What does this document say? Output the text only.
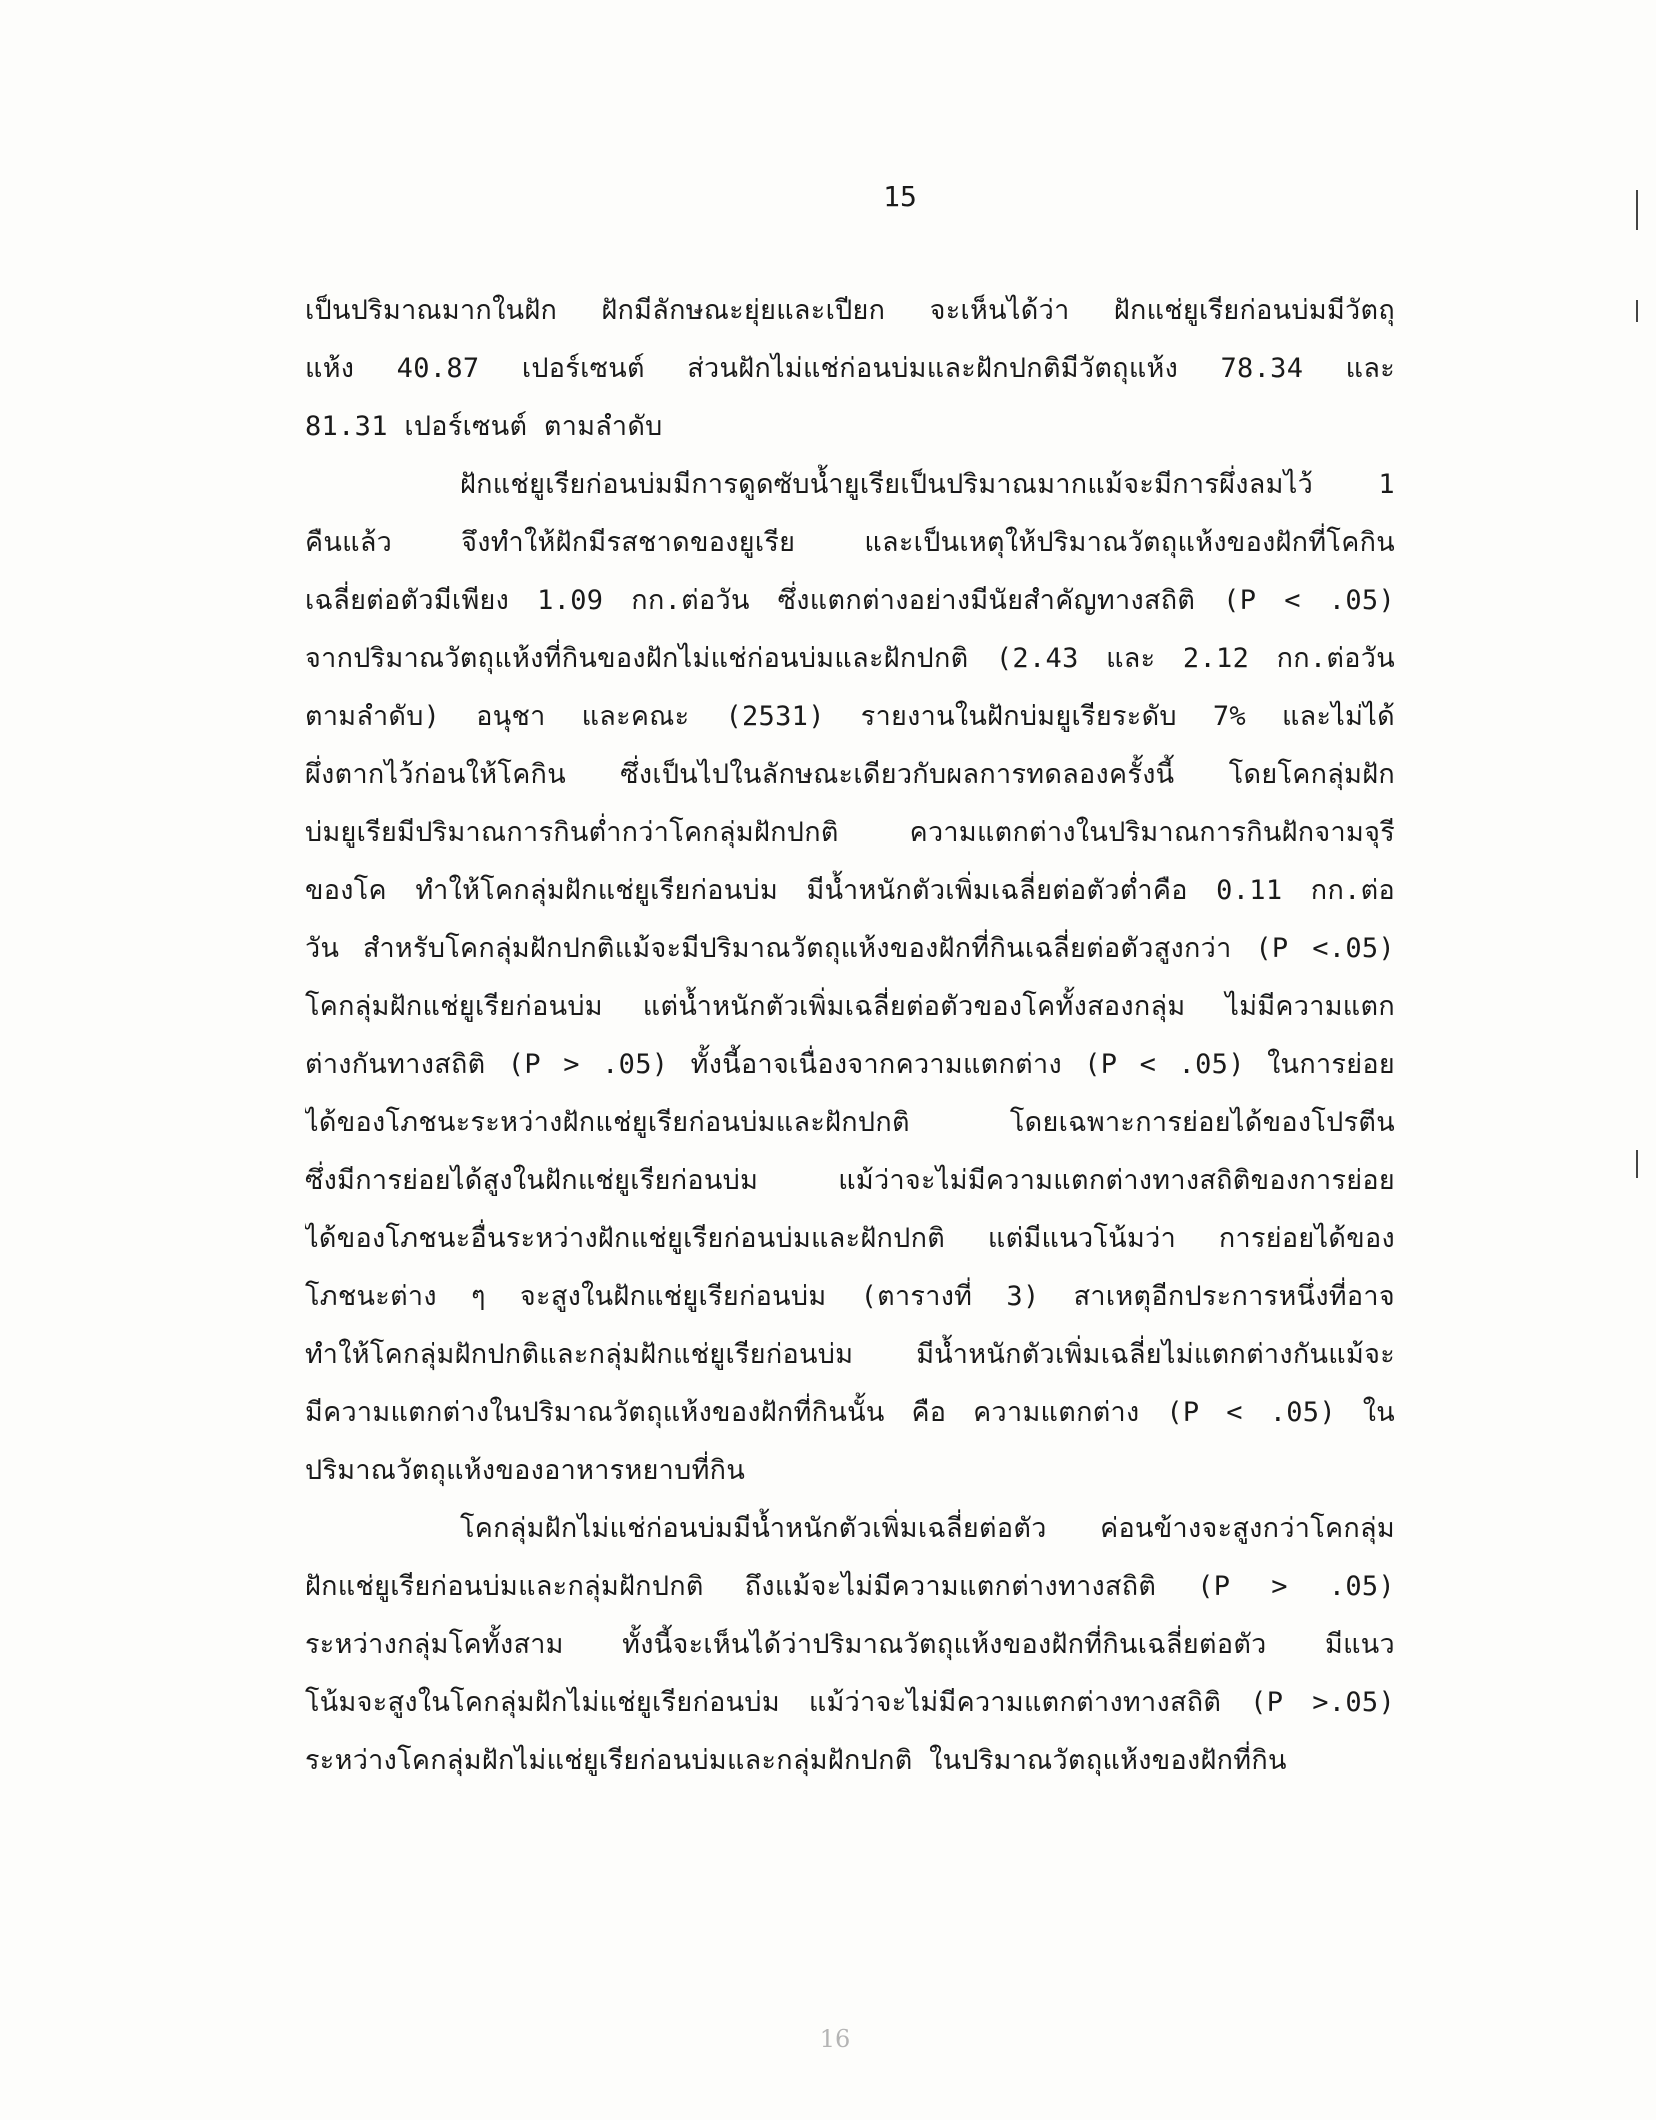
15
เป็นปริมาณมากในฝัก ฝักมีลักษณะยุ่ยและเปียก จะเห็นได้ว่า ฝักแช่ยูเรียก่อนบ่มมีวัตถุ
แห้ง 40.87 เปอร์เซนต์ ส่วนฝักไม่แช่ก่อนบ่มและฝักปกติมีวัตถุแห้ง 78.34 และ
81.31 เปอร์เซนต์ ตามลำดับ
ฝักแช่ยูเรียก่อนบ่มมีการดูดซับน้ำยูเรียเป็นปริมาณมากแม้จะมีการผึ่งลมไว้ 1
คืนแล้ว จึงทำให้ฝักมีรสชาดของยูเรีย และเป็นเหตุให้ปริมาณวัตถุแห้งของฝักที่โคกิน
เฉลี่ยต่อตัวมีเพียง 1.09 กก.ต่อวัน ซึ่งแตกต่างอย่างมีนัยสำคัญทางสถิติ (P < .05)
จากปริมาณวัตถุแห้งที่กินของฝักไม่แช่ก่อนบ่มและฝักปกติ (2.43 และ 2.12 กก.ต่อวัน
ตามลำดับ) อนุชา และคณะ (2531) รายงานในฝักบ่มยูเรียระดับ 7% และไม่ได้
ผึ่งตากไว้ก่อนให้โคกิน ซึ่งเป็นไปในลักษณะเดียวกับผลการทดลองครั้งนี้ โดยโคกลุ่มฝัก
บ่มยูเรียมีปริมาณการกินต่ำกว่าโคกลุ่มฝักปกติ ความแตกต่างในปริมาณการกินฝักจามจุรี
ของโค ทำให้โคกลุ่มฝักแช่ยูเรียก่อนบ่ม มีน้ำหนักตัวเพิ่มเฉลี่ยต่อตัวต่ำคือ 0.11 กก.ต่อ
วัน สำหรับโคกลุ่มฝักปกติแม้จะมีปริมาณวัตถุแห้งของฝักที่กินเฉลี่ยต่อตัวสูงกว่า (P <.05)
โคกลุ่มฝักแช่ยูเรียก่อนบ่ม แต่น้ำหนักตัวเพิ่มเฉลี่ยต่อตัวของโคทั้งสองกลุ่ม ไม่มีความแตก
ต่างกันทางสถิติ (P > .05) ทั้งนี้อาจเนื่องจากความแตกต่าง (P < .05) ในการย่อย
ได้ของโภชนะระหว่างฝักแช่ยูเรียก่อนบ่มและฝักปกติ โดยเฉพาะการย่อยได้ของโปรตีน
ซึ่งมีการย่อยได้สูงในฝักแช่ยูเรียก่อนบ่ม แม้ว่าจะไม่มีความแตกต่างทางสถิติของการย่อย
ได้ของโภชนะอื่นระหว่างฝักแช่ยูเรียก่อนบ่มและฝักปกติ แต่มีแนวโน้มว่า การย่อยได้ของ
โภชนะต่าง ๆ จะสูงในฝักแช่ยูเรียก่อนบ่ม (ตารางที่ 3) สาเหตุอีกประการหนึ่งที่อาจ
ทำให้โคกลุ่มฝักปกติและกลุ่มฝักแช่ยูเรียก่อนบ่ม มีน้ำหนักตัวเพิ่มเฉลี่ยไม่แตกต่างกันแม้จะ
มีความแตกต่างในปริมาณวัตถุแห้งของฝักที่กินนั้น คือ ความแตกต่าง (P < .05) ใน
ปริมาณวัตถุแห้งของอาหารหยาบที่กิน
โคกลุ่มฝักไม่แช่ก่อนบ่มมีน้ำหนักตัวเพิ่มเฉลี่ยต่อตัว ค่อนข้างจะสูงกว่าโคกลุ่ม
ฝักแช่ยูเรียก่อนบ่มและกลุ่มฝักปกติ ถึงแม้จะไม่มีความแตกต่างทางสถิติ (P > .05)
ระหว่างกลุ่มโคทั้งสาม ทั้งนี้จะเห็นได้ว่าปริมาณวัตถุแห้งของฝักที่กินเฉลี่ยต่อตัว มีแนว
โน้มจะสูงในโคกลุ่มฝักไม่แช่ยูเรียก่อนบ่ม แม้ว่าจะไม่มีความแตกต่างทางสถิติ (P >.05)
ระหว่างโคกลุ่มฝักไม่แช่ยูเรียก่อนบ่มและกลุ่มฝักปกติ ในปริมาณวัตถุแห้งของฝักที่กิน
16
